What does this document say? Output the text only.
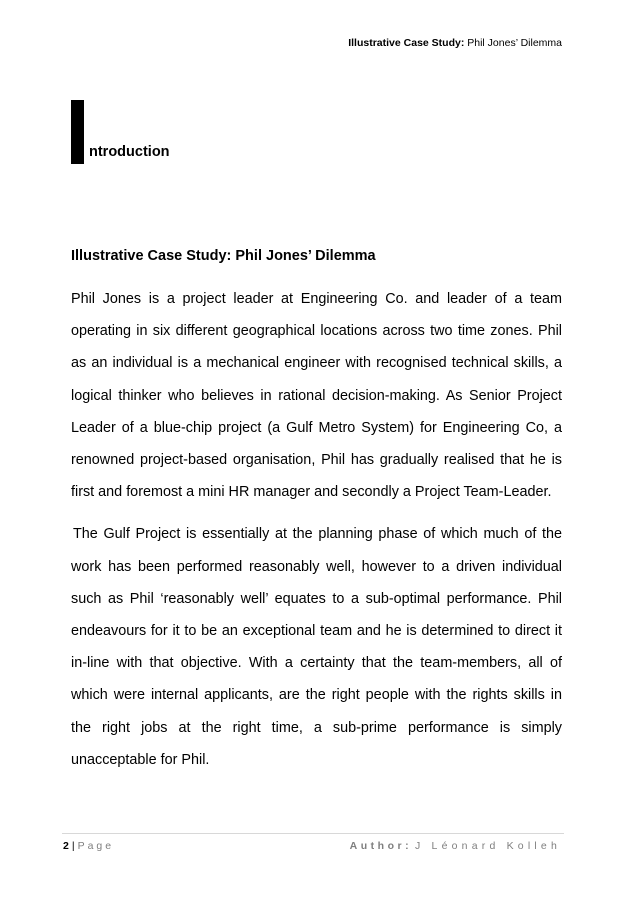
Illustrative Case Study: Phil Jones’ Dilemma
ntroduction
Illustrative Case Study: Phil Jones’ Dilemma

Phil Jones is a project leader at Engineering Co. and leader of a team operating in six different geographical locations across two time zones. Phil as an individual is a mechanical engineer with recognised technical skills, a logical thinker who believes in rational decision-making. As Senior Project Leader of a blue-chip project (a Gulf Metro System) for Engineering Co, a renowned project-based organisation, Phil has gradually realised that he is first and foremost a mini HR manager and secondly a Project Team-Leader.

The Gulf Project is essentially at the planning phase of which much of the work has been performed reasonably well, however to a driven individual such as Phil ‘reasonably well’ equates to a sub-optimal performance. Phil endeavours for it to be an exceptional team and he is determined to direct it in-line with that objective. With a certainty that the team-members, all of which were internal applicants, are the right people with the rights skills in the right jobs at the right time, a sub-prime performance is simply unacceptable for Phil.

2 | Page	Author: J Léonard Kolleh
